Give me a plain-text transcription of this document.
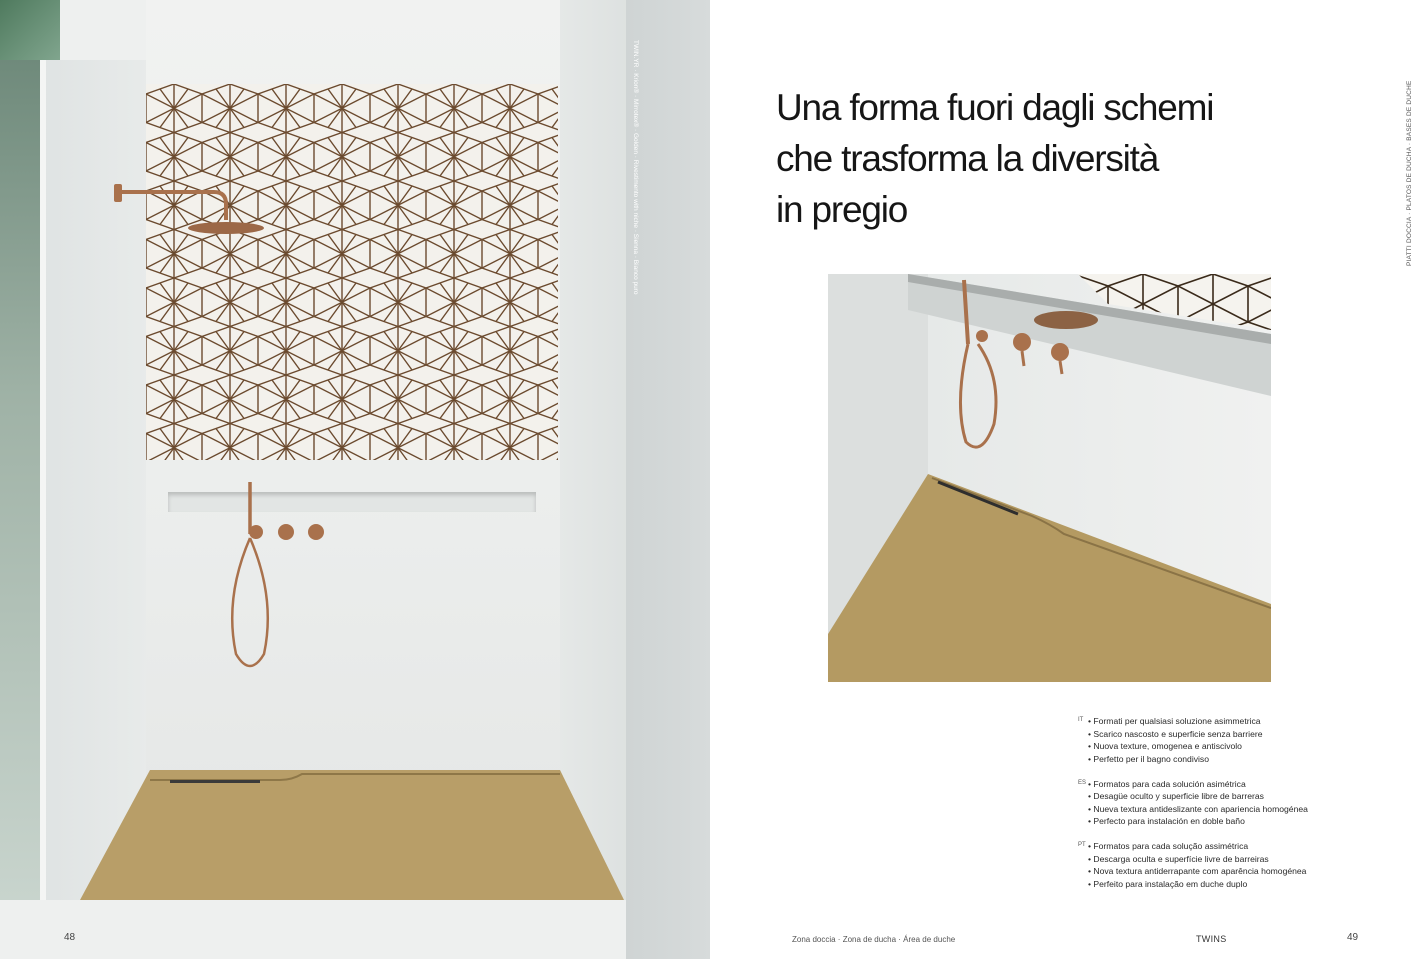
TWIN.YR · Krion® · Mirrotex® · Golden · Rivestimento with niche · Sienna · Bianco puro
48
Una forma fuori dagli schemi
che trasforma la diversità
in pregio
IT • Formati per qualsiasi soluzione asimmetrica
• Scarico nascosto e superficie senza barriere
• Nuova texture, omogenea e antiscivolo
• Perfetto per il bagno condiviso
ES • Formatos para cada solución asimétrica
• Desagüe oculto y superficie libre de barreras
• Nueva textura antideslizante con apariencia homogénea
• Perfecto para instalación en doble baño
PT • Formatos para cada solução assimétrica
• Descarga oculta e superfície livre de barreiras
• Nova textura antiderrapante com aparência homogénea
• Perfeito para instalação em duche duplo
Zona doccia · Zona de ducha · Área de duche	TWINS	49
PIATTI DOCCIA · PLATOS DE DUCHA · BASES DE DUCHE
